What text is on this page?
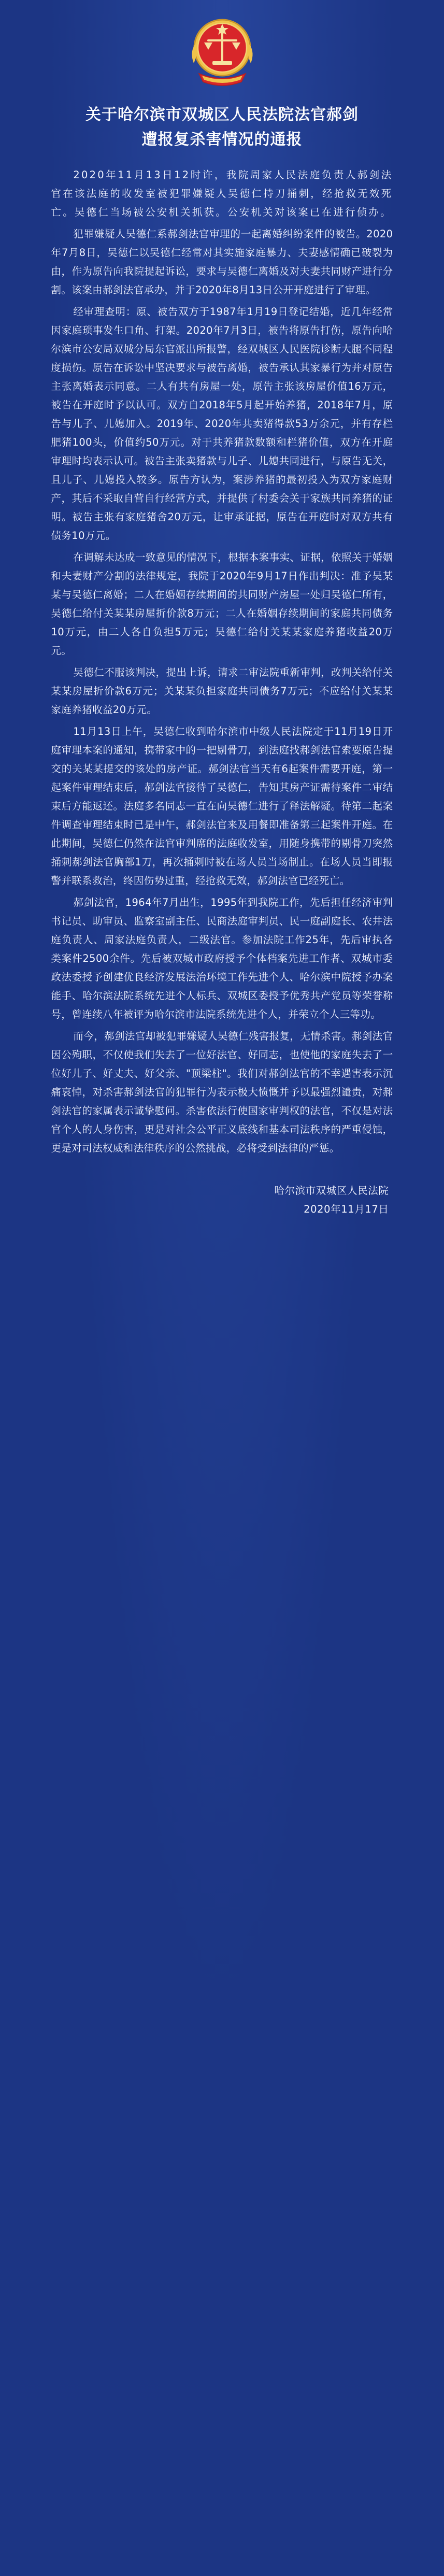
关于哈尔滨市双城区人民法院法官郝剑
遭报复杀害情况的通报

2020年11月13日12时许，我院周家人民法庭负责人郝剑法官在该法庭的收发室被犯罪嫌疑人吴德仁持刀捅刺，经抢救无效死亡。吴德仁当场被公安机关抓获。公安机关对该案已在进行侦办。

犯罪嫌疑人吴德仁系郝剑法官审理的一起离婚纠纷案件的被告。2020年7月8日，吴德仁以吴德仁经常对其实施家庭暴力、夫妻感情确已破裂为由，作为原告向我院提起诉讼，要求与吴德仁离婚及对夫妻共同财产进行分割。该案由郝剑法官承办，并于2020年8月13日公开开庭进行了审理。

经审理查明：原、被告双方于1987年1月19日登记结婚，近几年经常因家庭琐事发生口角、打架。2020年7月3日，被告将原告打伤，原告向哈尔滨市公安局双城分局东官派出所报警，经双城区人民医院诊断大腿不同程度损伤。原告在诉讼中坚决要求与被告离婚，被告承认其家暴行为并对原告主张离婚表示同意。二人有共有房屋一处，原告主张该房屋价值16万元，被告在开庭时予以认可。双方自2018年5月起开始养猪，2018年7月，原告与儿子、儿媳加入。2019年、2020年共卖猪得款53万余元，并有存栏肥猪100头，价值约50万元。对于共养猪款数额和栏猪价值，双方在开庭审理时均表示认可。被告主张卖猪款与儿子、儿媳共同进行，与原告无关，且儿子、儿媳投入较多。原告方认为，案涉养猪的最初投入为双方家庭财产，其后不采取自营自行经营方式，并提供了村委会关于家族共同养猪的证明。被告主张有家庭猪舍20万元，让审承证据，原告在开庭时对双方共有债务10万元。

在调解未达成一致意见的情况下，根据本案事实、证据，依照关于婚姻和夫妻财产分割的法律规定，我院于2020年9月17日作出判决：准予吴某某与吴德仁离婚；二人在婚姻存续期间的共同财产房屋一处归吴德仁所有，吴德仁给付关某某房屋折价款8万元；二人在婚姻存续期间的家庭共同债务10万元，由二人各自负担5万元；吴德仁给付关某某家庭养猪收益20万元。

吴德仁不服该判决，提出上诉，请求二审法院重新审判，改判关给付关某某房屋折价款6万元；关某某负担家庭共同债务7万元；不应给付关某某家庭养猪收益20万元。

11月13日上午，吴德仁收到哈尔滨市中级人民法院定于11月19日开庭审理本案的通知，携带家中的一把剔骨刀，到法庭找郝剑法官索要原告提交的关某某提交的该处的房产证。郝剑法官当天有6起案件需要开庭，第一起案件审理结束后，郝剑法官接待了吴德仁，告知其房产证需待案件二审结束后方能返还。法庭多名同志一直在向吴德仁进行了释法解疑。待第二起案件调查审理结束时已是中午，郝剑法官来及用餐即准备第三起案件开庭。在此期间，吴德仁仍然在法官审判席的法庭收发室，用随身携带的剔骨刀突然捅刺郝剑法官胸部1刀，再次捅刺时被在场人员当场制止。在场人员当即报警并联系救治，终因伤势过重，经抢救无效，郝剑法官已经死亡。

郝剑法官，1964年7月出生，1995年到我院工作，先后担任经济审判书记员、助审员、监察室副主任、民商法庭审判员、民一庭副庭长、农井法庭负责人、周家法庭负责人，二级法官。参加法院工作25年，先后审执各类案件2500余件。先后被双城市政府授予个体档案先进工作者、双城市委政法委授予创建优良经济发展法治环境工作先进个人、哈尔滨中院授予办案能手、哈尔滨法院系统先进个人标兵、双城区委授予优秀共产党员等荣誉称号，曾连续八年被评为哈尔滨市法院系统先进个人，并荣立个人三等功。

而今，郝剑法官却被犯罪嫌疑人吴德仁残害报复，无情杀害。郝剑法官因公殉职，不仅使我们失去了一位好法官、好同志，也使他的家庭失去了一位好儿子、好丈夫、好父亲、"顶梁柱"。我们对郝剑法官的不幸遇害表示沉痛哀悼，对杀害郝剑法官的犯罪行为表示极大愤慨并予以最强烈谴责，对郝剑法官的家属表示诚挚慰问。杀害依法行使国家审判权的法官，不仅是对法官个人的人身伤害，更是对社会公平正义底线和基本司法秩序的严重侵蚀，更是对司法权威和法律秩序的公然挑战，必将受到法律的严惩。

哈尔滨市双城区人民法院
2020年11月17日
